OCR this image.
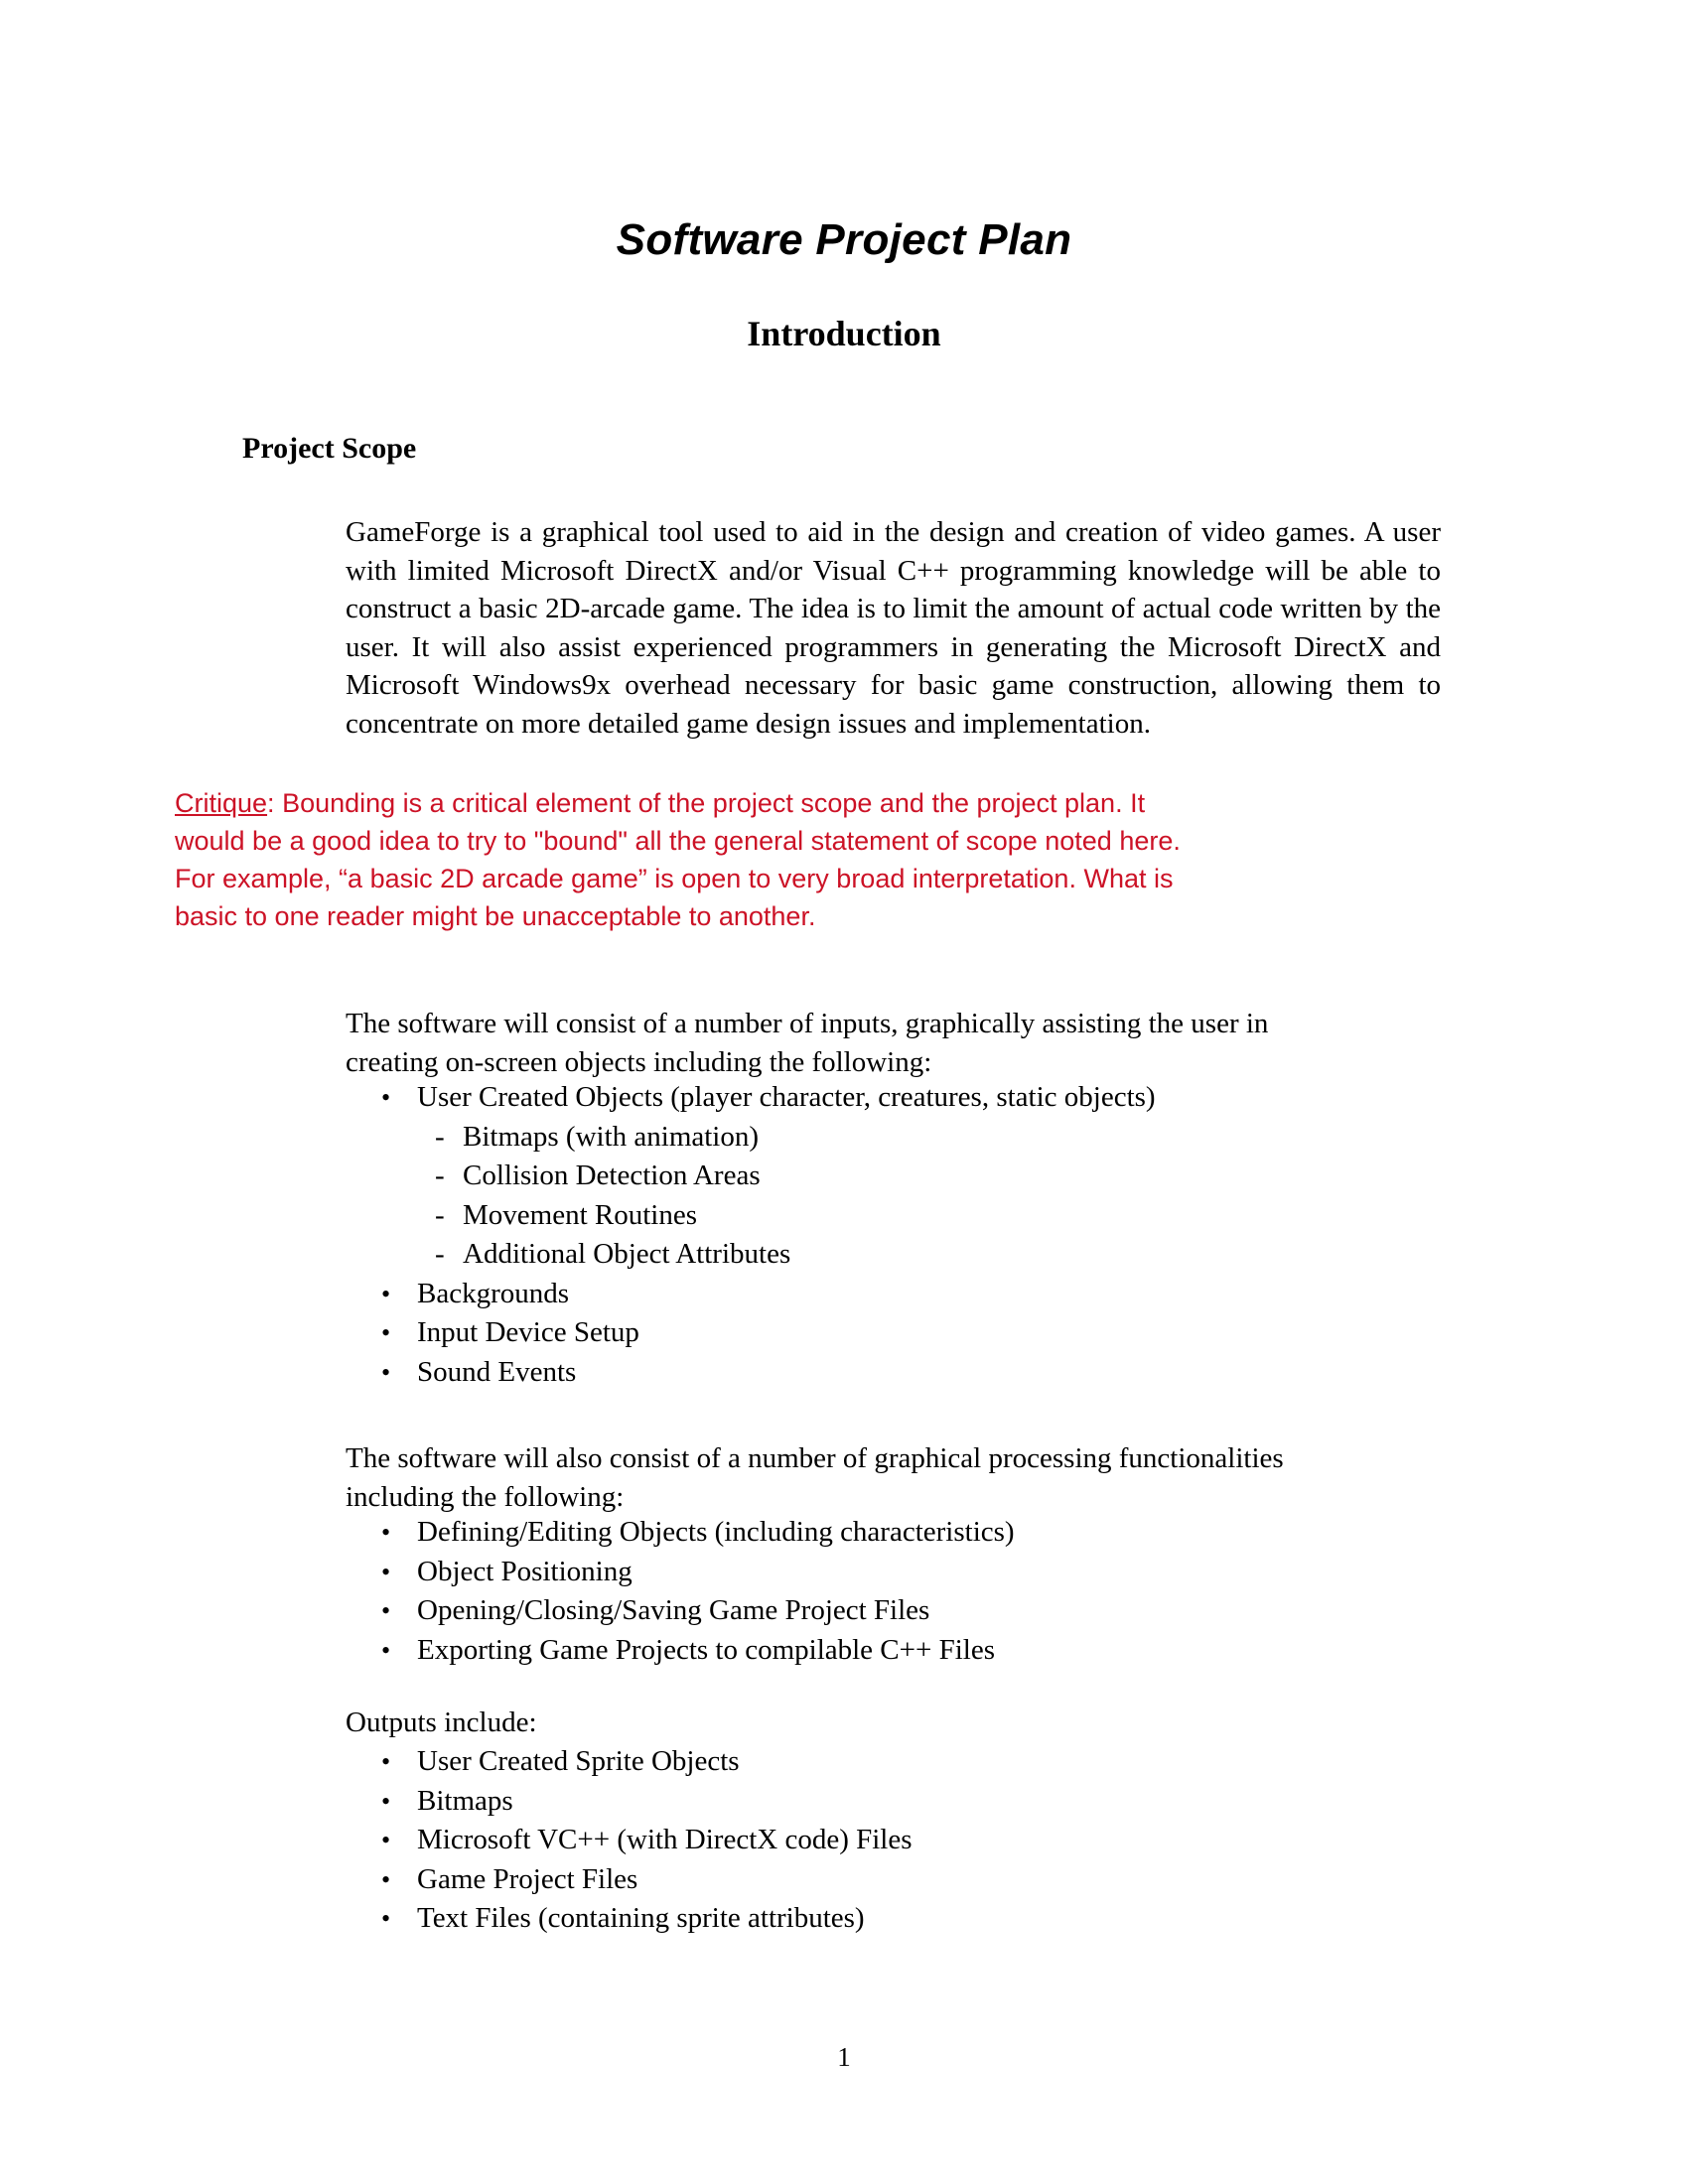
Software Project Plan
Introduction
Project Scope

GameForge is a graphical tool used to aid in the design and creation of video games. A user with limited Microsoft DirectX and/or Visual C++ programming knowledge will be able to construct a basic 2D-arcade game. The idea is to limit the amount of actual code written by the user. It will also assist experienced programmers in generating the Microsoft DirectX and Microsoft Windows9x overhead necessary for basic game construction, allowing them to concentrate on more detailed game design issues and implementation.

Critique: Bounding is a critical element of the project scope and the project plan. It
would be a good idea to try to "bound" all the general statement of scope noted here.
For example, “a basic 2D arcade game” is open to very broad interpretation. What is
basic to one reader might be unacceptable to another.
The software will consist of a number of inputs, graphically assisting the user in
creating on-screen objects including the following:
• User Created Objects (player character, creatures, static objects)
- Bitmaps (with animation)
- Collision Detection Areas
- Movement Routines
- Additional Object Attributes
• Backgrounds
• Input Device Setup
• Sound Events
The software will also consist of a number of graphical processing functionalities
including the following:
• Defining/Editing Objects (including characteristics)
• Object Positioning
• Opening/Closing/Saving Game Project Files
• Exporting Game Projects to compilable C++ Files
Outputs include:
• User Created Sprite Objects
• Bitmaps
• Microsoft VC++ (with DirectX code) Files
• Game Project Files
• Text Files (containing sprite attributes)
1
